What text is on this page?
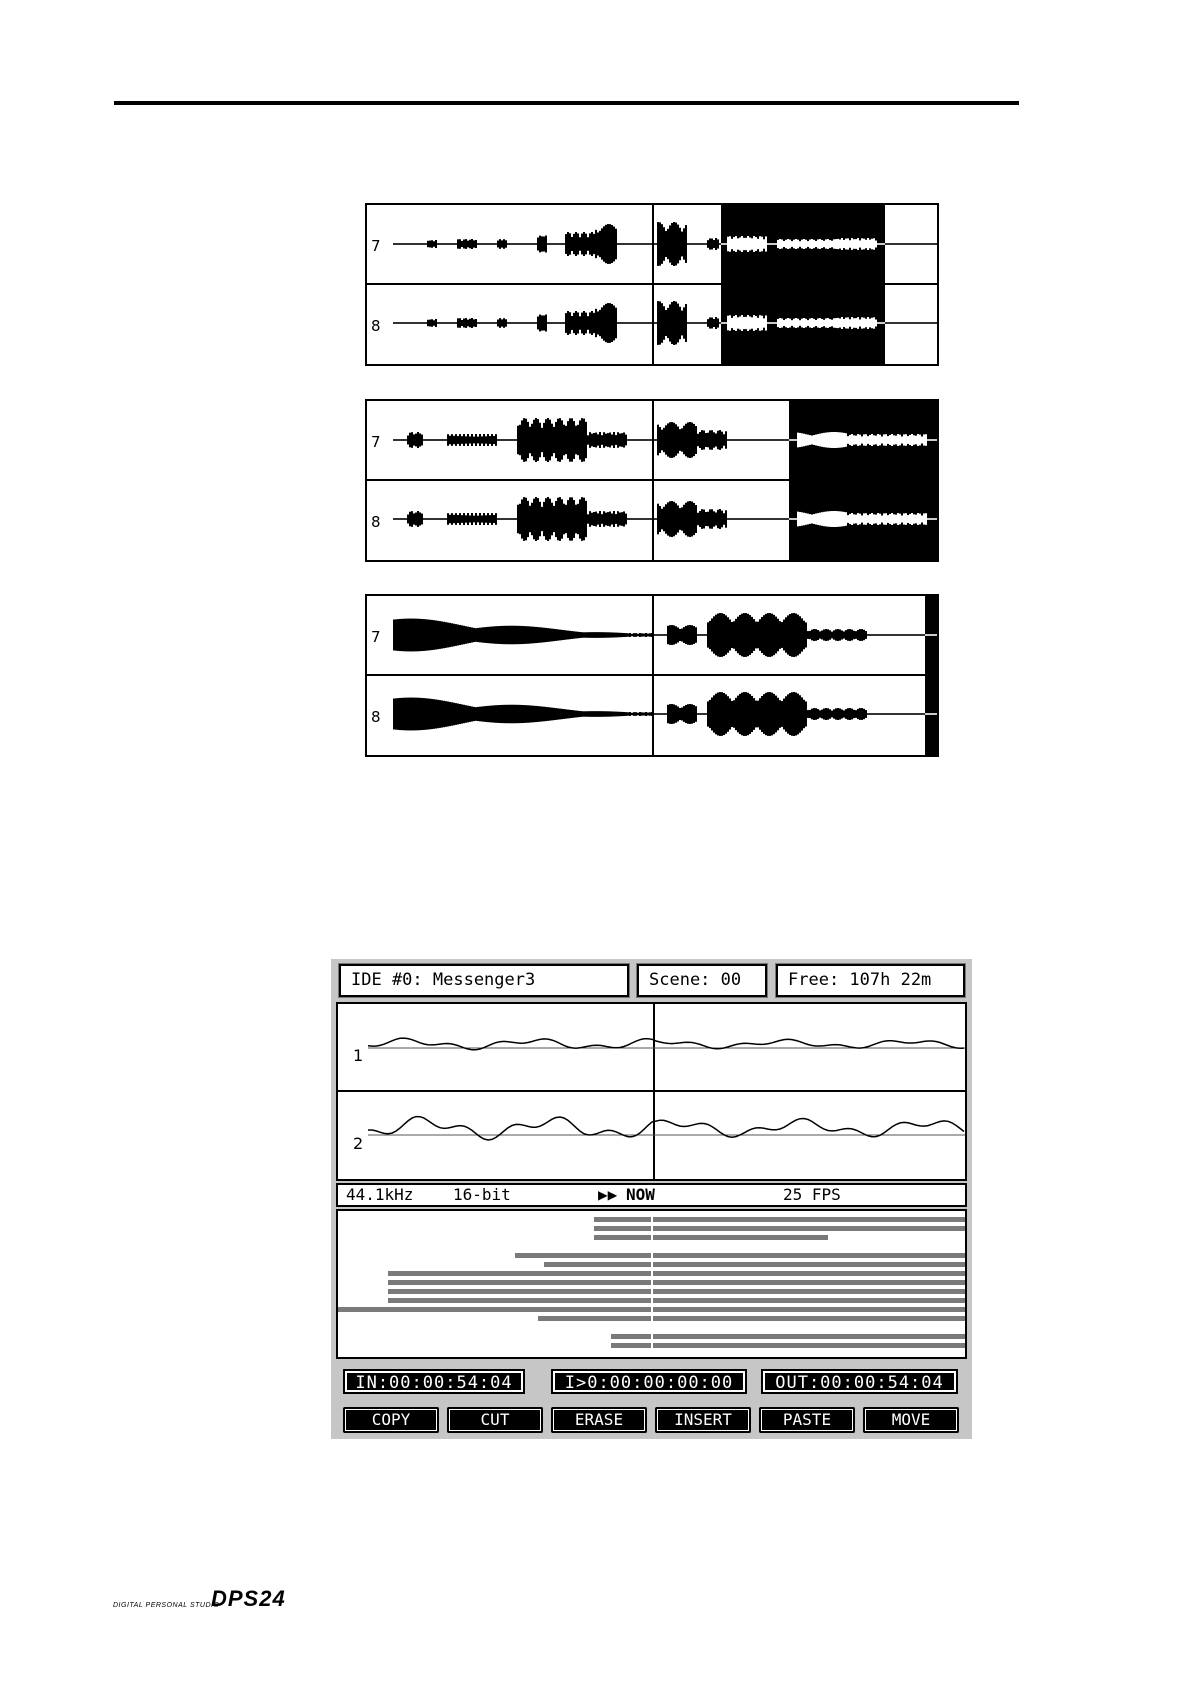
7
8
7
8
7
8
IDE #0: Messenger3	Scene: 00	Free: 107h 22m
1
2
44.1kHz 16-bit	▶▶ NOW	25 FPS
IN:00:00:54:04	I>0:00:00:00:00	OUT:00:00:54:04
COPY	CUT	ERASE	INSERT	PASTE	MOVE
DIGITAL PERSONAL STUDIO
DPS24
